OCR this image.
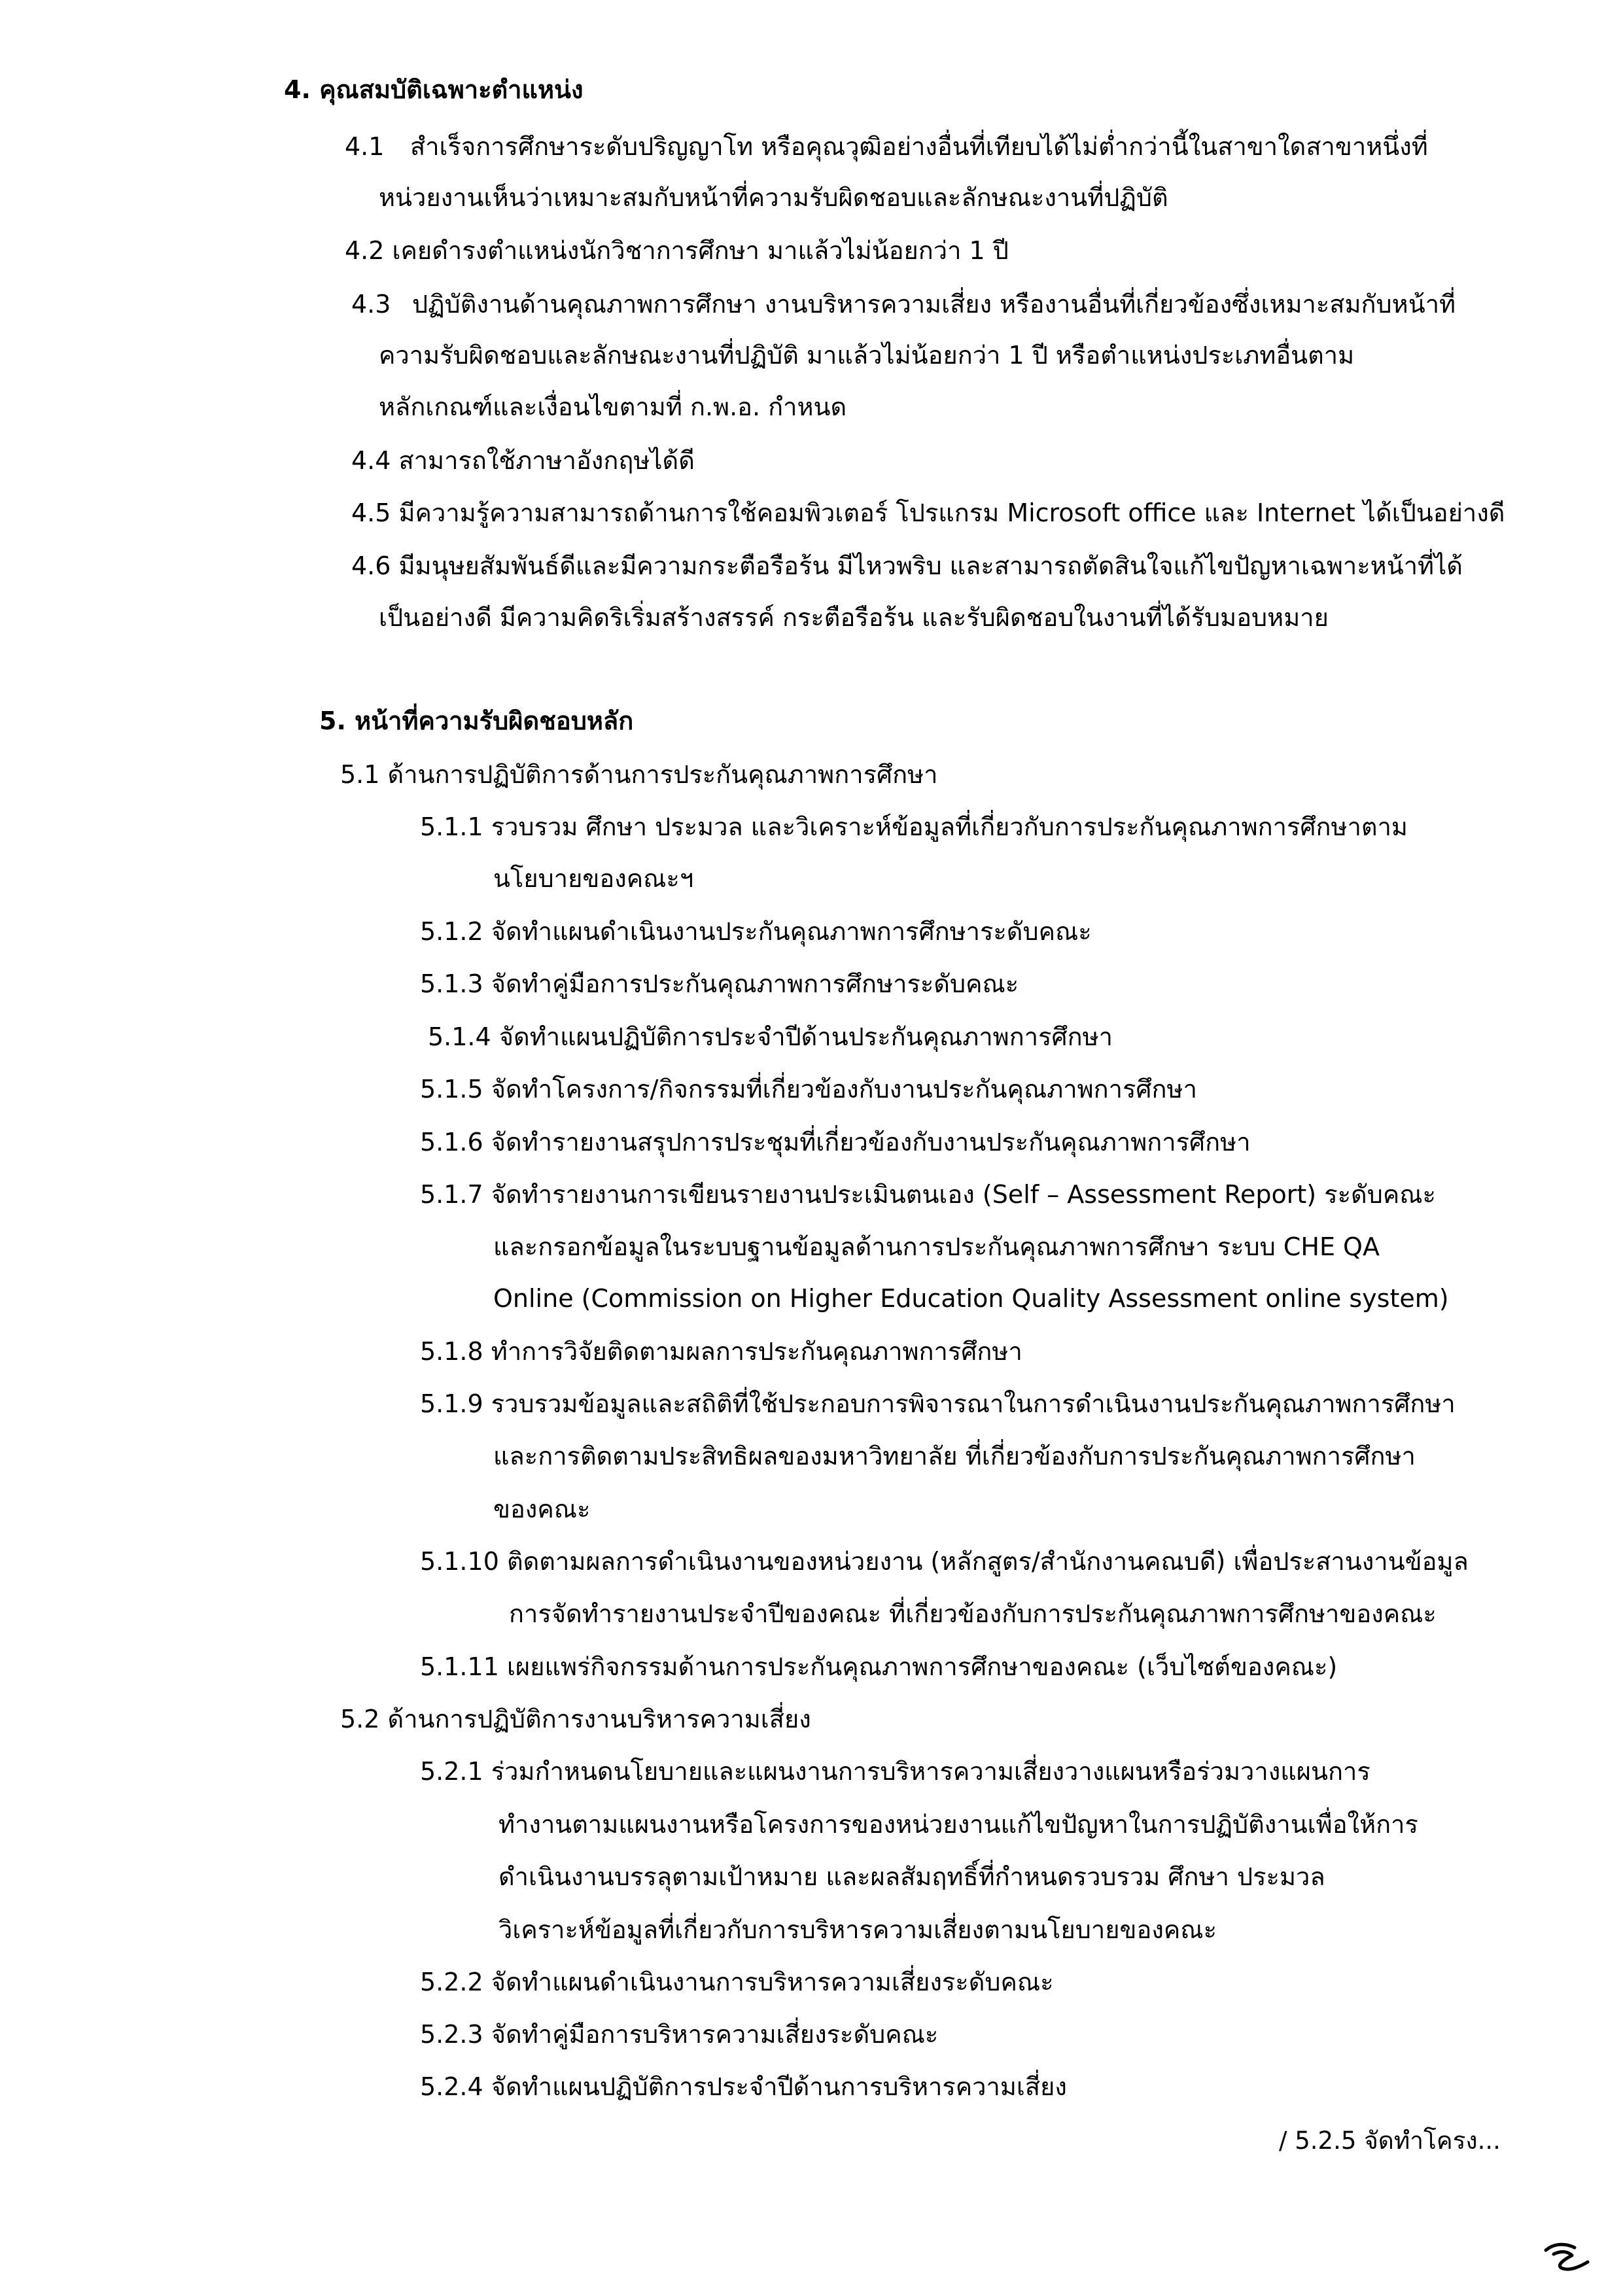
4. คุณสมบัติเฉพาะตำแหน่ง
4.1 สำเร็จการศึกษาระดับปริญญาโท หรือคุณวุฒิอย่างอื่นที่เทียบได้ไม่ต่ำกว่านี้ในสาขาใดสาขาหนึ่งที่
หน่วยงานเห็นว่าเหมาะสมกับหน้าที่ความรับผิดชอบและลักษณะงานที่ปฏิบัติ
4.2 เคยดำรงตำแหน่งนักวิชาการศึกษา มาแล้วไม่น้อยกว่า 1 ปี
4.3 ปฏิบัติงานด้านคุณภาพการศึกษา งานบริหารความเสี่ยง หรืองานอื่นที่เกี่ยวข้องซึ่งเหมาะสมกับหน้าที่
ความรับผิดชอบและลักษณะงานที่ปฏิบัติ มาแล้วไม่น้อยกว่า 1 ปี หรือตำแหน่งประเภทอื่นตาม
หลักเกณฑ์และเงื่อนไขตามที่ ก.พ.อ. กำหนด
4.4 สามารถใช้ภาษาอังกฤษได้ดี
4.5 มีความรู้ความสามารถด้านการใช้คอมพิวเตอร์ โปรแกรม Microsoft office และ Internet ได้เป็นอย่างดี
4.6 มีมนุษยสัมพันธ์ดีและมีความกระตือรือร้น มีไหวพริบ และสามารถตัดสินใจแก้ไขปัญหาเฉพาะหน้าที่ได้
เป็นอย่างดี มีความคิดริเริ่มสร้างสรรค์ กระตือรือร้น และรับผิดชอบในงานที่ได้รับมอบหมาย
5. หน้าที่ความรับผิดชอบหลัก
5.1 ด้านการปฏิบัติการด้านการประกันคุณภาพการศึกษา
5.1.1 รวบรวม ศึกษา ประมวล และวิเคราะห์ข้อมูลที่เกี่ยวกับการประกันคุณภาพการศึกษาตาม
นโยบายของคณะฯ
5.1.2 จัดทำแผนดำเนินงานประกันคุณภาพการศึกษาระดับคณะ
5.1.3 จัดทำคู่มือการประกันคุณภาพการศึกษาระดับคณะ
5.1.4 จัดทำแผนปฏิบัติการประจำปีด้านประกันคุณภาพการศึกษา
5.1.5 จัดทำโครงการ/กิจกรรมที่เกี่ยวข้องกับงานประกันคุณภาพการศึกษา
5.1.6 จัดทำรายงานสรุปการประชุมที่เกี่ยวข้องกับงานประกันคุณภาพการศึกษา
5.1.7 จัดทำรายงานการเขียนรายงานประเมินตนเอง (Self – Assessment Report) ระดับคณะ
และกรอกข้อมูลในระบบฐานข้อมูลด้านการประกันคุณภาพการศึกษา ระบบ CHE QA
Online (Commission on Higher Education Quality Assessment online system)
5.1.8 ทำการวิจัยติดตามผลการประกันคุณภาพการศึกษา
5.1.9 รวบรวมข้อมูลและสถิติที่ใช้ประกอบการพิจารณาในการดำเนินงานประกันคุณภาพการศึกษา
และการติดตามประสิทธิผลของมหาวิทยาลัย ที่เกี่ยวข้องกับการประกันคุณภาพการศึกษา
ของคณะ
5.1.10 ติดตามผลการดำเนินงานของหน่วยงาน (หลักสูตร/สำนักงานคณบดี) เพื่อประสานงานข้อมูล
การจัดทำรายงานประจำปีของคณะ ที่เกี่ยวข้องกับการประกันคุณภาพการศึกษาของคณะ
5.1.11 เผยแพร่กิจกรรมด้านการประกันคุณภาพการศึกษาของคณะ (เว็บไซต์ของคณะ)
5.2 ด้านการปฏิบัติการงานบริหารความเสี่ยง
5.2.1 ร่วมกำหนดนโยบายและแผนงานการบริหารความเสี่ยงวางแผนหรือร่วมวางแผนการ
ทำงานตามแผนงานหรือโครงการของหน่วยงานแก้ไขปัญหาในการปฏิบัติงานเพื่อให้การ
ดำเนินงานบรรลุตามเป้าหมาย และผลสัมฤทธิ์ที่กำหนดรวบรวม ศึกษา ประมวล
วิเคราะห์ข้อมูลที่เกี่ยวกับการบริหารความเสี่ยงตามนโยบายของคณะ
5.2.2 จัดทำแผนดำเนินงานการบริหารความเสี่ยงระดับคณะ
5.2.3 จัดทำคู่มือการบริหารความเสี่ยงระดับคณะ
5.2.4 จัดทำแผนปฏิบัติการประจำปีด้านการบริหารความเสี่ยง
/ 5.2.5 จัดทำโครง...
